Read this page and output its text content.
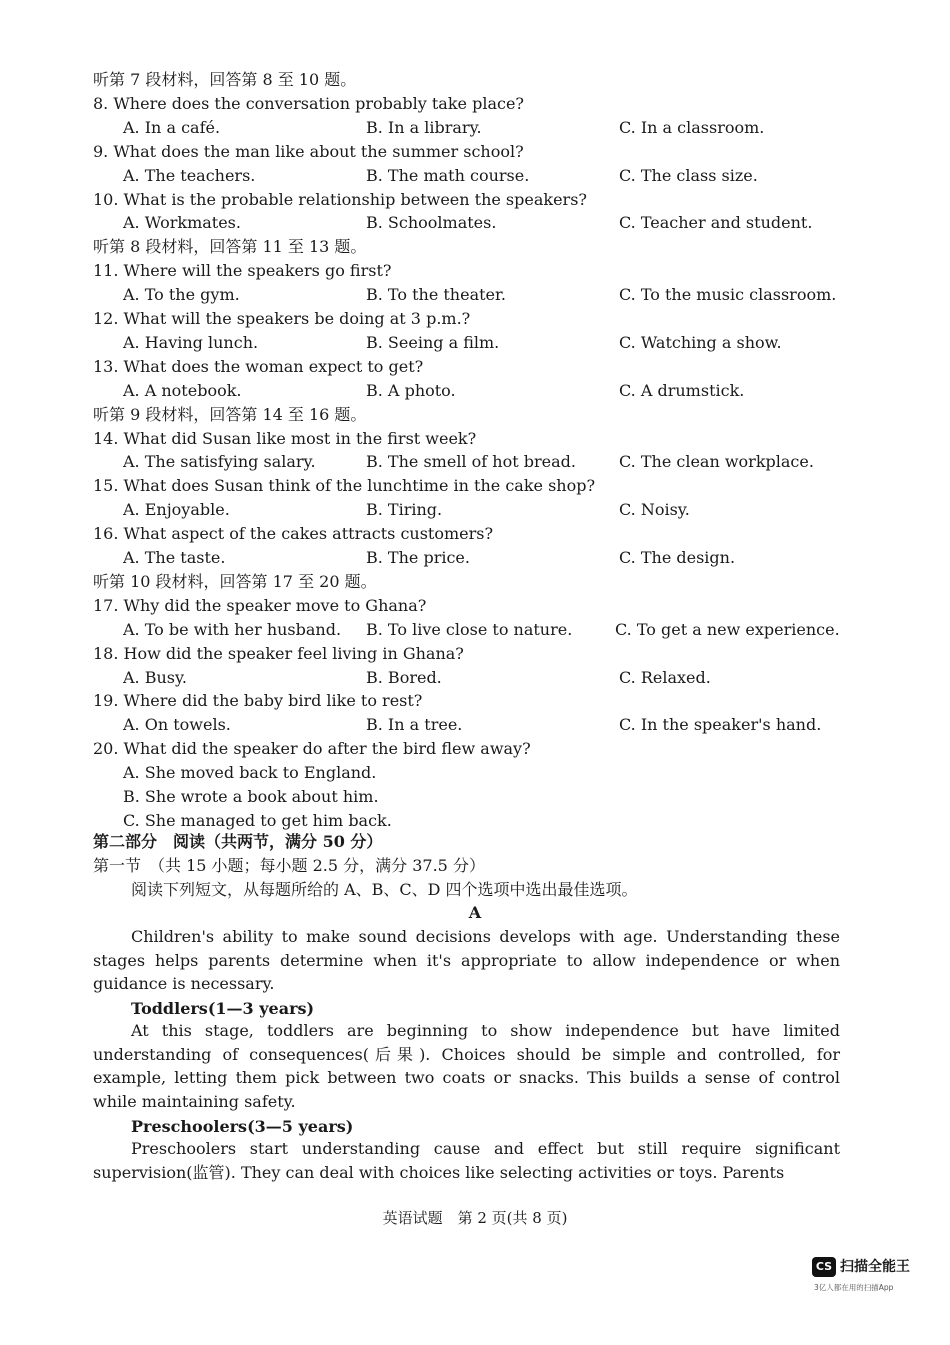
听第 7 段材料，回答第 8 至 10 题。
8. Where does the conversation probably take place?
A. In a café.	B. In a library.	C. In a classroom.
9. What does the man like about the summer school?
A. The teachers.	B. The math course.	C. The class size.
10. What is the probable relationship between the speakers?
A. Workmates.	B. Schoolmates.	C. Teacher and student.
听第 8 段材料，回答第 11 至 13 题。
11. Where will the speakers go first?
A. To the gym.	B. To the theater.	C. To the music classroom.
12. What will the speakers be doing at 3 p.m.?
A. Having lunch.	B. Seeing a film.	C. Watching a show.
13. What does the woman expect to get?
A. A notebook.	B. A photo.	C. A drumstick.
听第 9 段材料，回答第 14 至 16 题。
14. What did Susan like most in the first week?
A. The satisfying salary.	B. The smell of hot bread.	C. The clean workplace.
15. What does Susan think of the lunchtime in the cake shop?
A. Enjoyable.	B. Tiring.	C. Noisy.
16. What aspect of the cakes attracts customers?
A. The taste.	B. The price.	C. The design.
听第 10 段材料，回答第 17 至 20 题。
17. Why did the speaker move to Ghana?
A. To be with her husband. B. To live close to nature.	C. To get a new experience.
18. How did the speaker feel living in Ghana?
A. Busy.	B. Bored.	C. Relaxed.
19. Where did the baby bird like to rest?
A. On towels.	B. In a tree.	C. In the speaker's hand.
20. What did the speaker do after the bird flew away?
A. She moved back to England.
B. She wrote a book about him.
C. She managed to get him back.
第二部分　阅读（共两节，满分 50 分）
第一节　（共 15 小题；每小题 2.5 分，满分 37.5 分）
阅读下列短文，从每题所给的 A、B、C、D 四个选项中选出最佳选项。
A
Children's ability to make sound decisions develops with age. Understanding these stages helps parents determine when it's appropriate to allow independence or when guidance is necessary.
Toddlers(1—3 years)
At this stage, toddlers are beginning to show independence but have limited understanding of consequences(后果). Choices should be simple and controlled, for example, letting them pick between two coats or snacks. This builds a sense of control while maintaining safety.
Preschoolers(3—5 years)
Preschoolers start understanding cause and effect but still require significant supervision(监管). They can deal with choices like selecting activities or toys. Parents
英语试题　第 2 页(共 8 页)
CS 扫描全能王
3亿人都在用的扫描App
